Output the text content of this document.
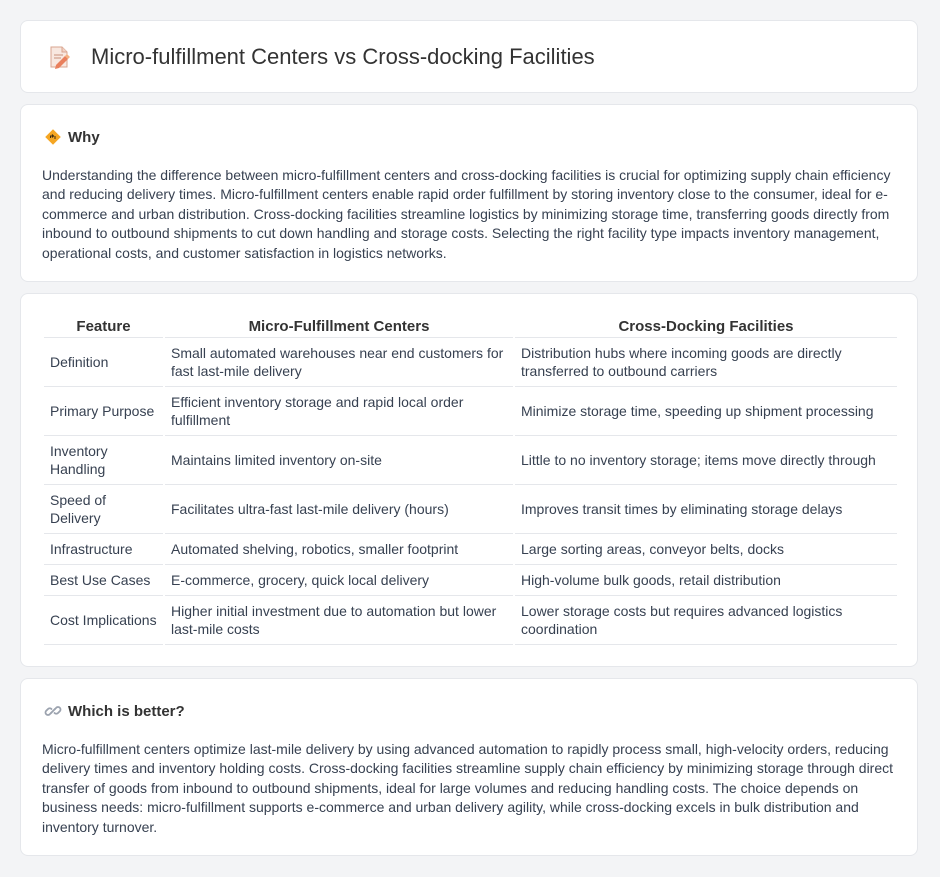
Micro-fulfillment Centers vs Cross-docking Facilities
Why

Understanding the difference between micro-fulfillment centers and cross-docking facilities is crucial for optimizing supply chain efficiency and reducing delivery times. Micro-fulfillment centers enable rapid order fulfillment by storing inventory close to the consumer, ideal for e-commerce and urban distribution. Cross-docking facilities streamline logistics by minimizing storage time, transferring goods directly from inbound to outbound shipments to cut down handling and storage costs. Selecting the right facility type impacts inventory management, operational costs, and customer satisfaction in logistics networks.

Feature	Micro-Fulfillment Centers	Cross-Docking Facilities
Definition	Small automated warehouses near end customers for fast last-mile delivery	Distribution hubs where incoming goods are directly transferred to outbound carriers
Primary Purpose	Efficient inventory storage and rapid local order fulfillment	Minimize storage time, speeding up shipment processing
Inventory Handling	Maintains limited inventory on-site	Little to no inventory storage; items move directly through
Speed of Delivery	Facilitates ultra-fast last-mile delivery (hours)	Improves transit times by eliminating storage delays
Infrastructure	Automated shelving, robotics, smaller footprint	Large sorting areas, conveyor belts, docks
Best Use Cases	E-commerce, grocery, quick local delivery	High-volume bulk goods, retail distribution
Cost Implications	Higher initial investment due to automation but lower last-mile costs	Lower storage costs but requires advanced logistics coordination
Which is better?

Micro-fulfillment centers optimize last-mile delivery by using advanced automation to rapidly process small, high-velocity orders, reducing delivery times and inventory holding costs. Cross-docking facilities streamline supply chain efficiency by minimizing storage through direct transfer of goods from inbound to outbound shipments, ideal for large volumes and reducing handling costs. The choice depends on business needs: micro-fulfillment supports e-commerce and urban delivery agility, while cross-docking excels in bulk distribution and inventory turnover.
